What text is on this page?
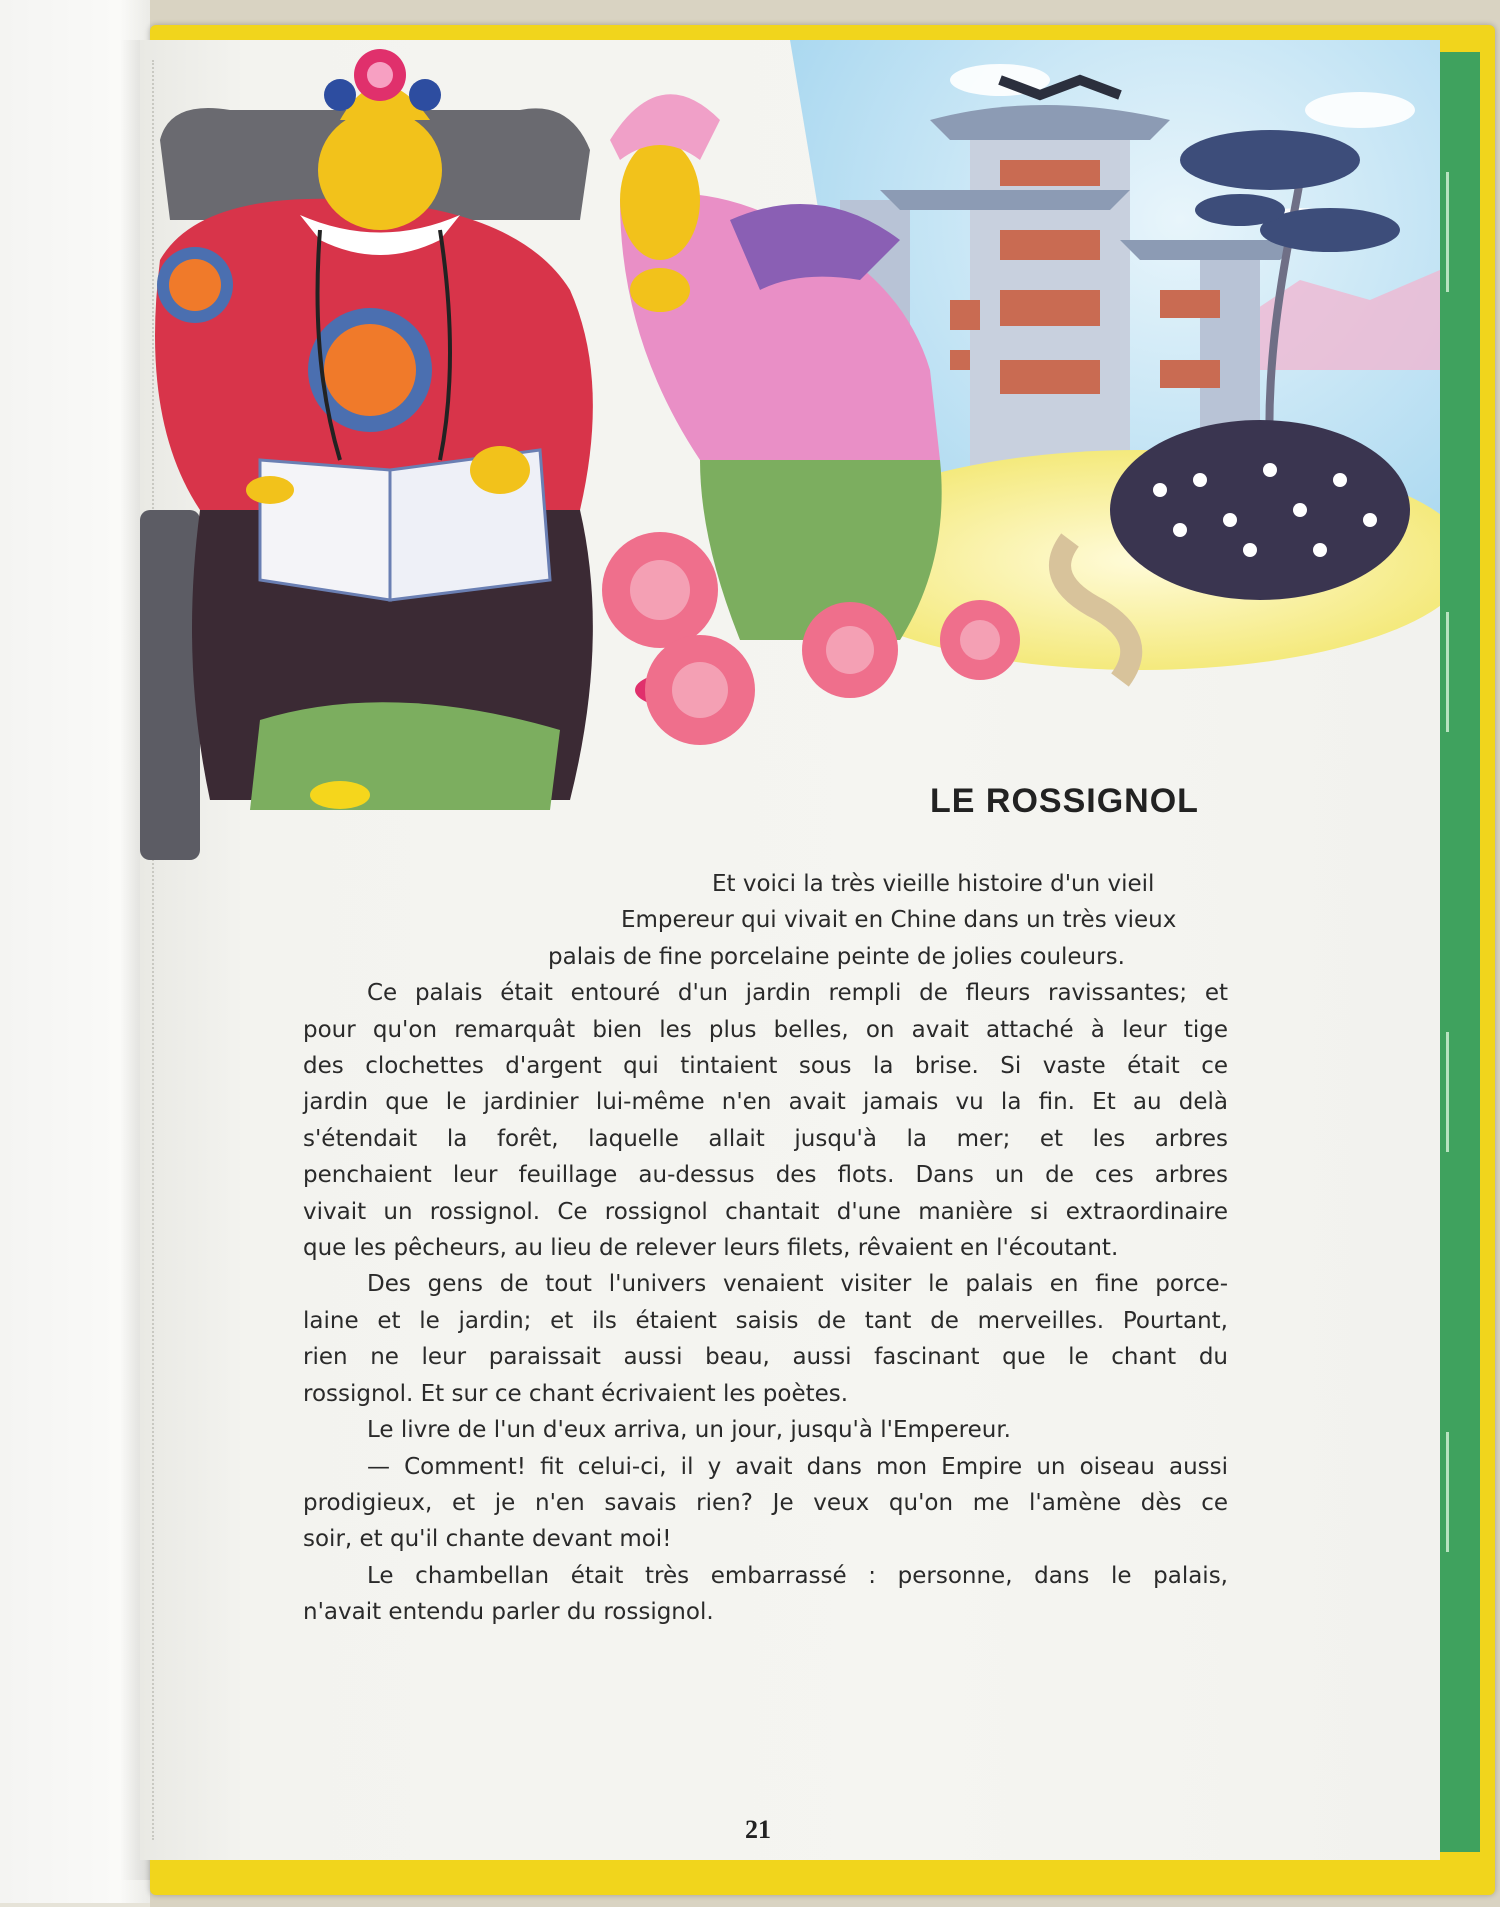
LE ROSSIGNOL
Et voici la très vieille histoire d'un vieil
Empereur qui vivait en Chine dans un très vieux
palais de fine porcelaine peinte de jolies couleurs.
Ce palais était entouré d'un jardin rempli de fleurs ravissantes; et
pour qu'on remarquât bien les plus belles, on avait attaché à leur tige
des clochettes d'argent qui tintaient sous la brise. Si vaste était ce
jardin que le jardinier lui-même n'en avait jamais vu la fin. Et au delà
s'étendait la forêt, laquelle allait jusqu'à la mer; et les arbres
penchaient leur feuillage au-dessus des flots. Dans un de ces arbres
vivait un rossignol. Ce rossignol chantait d'une manière si extraordinaire
que les pêcheurs, au lieu de relever leurs filets, rêvaient en l'écoutant.
Des gens de tout l'univers venaient visiter le palais en fine porce-
laine et le jardin; et ils étaient saisis de tant de merveilles. Pourtant,
rien ne leur paraissait aussi beau, aussi fascinant que le chant du
rossignol. Et sur ce chant écrivaient les poètes.
Le livre de l'un d'eux arriva, un jour, jusqu'à l'Empereur.
— Comment! fit celui-ci, il y avait dans mon Empire un oiseau aussi
prodigieux, et je n'en savais rien? Je veux qu'on me l'amène dès ce
soir, et qu'il chante devant moi!
Le chambellan était très embarrassé : personne, dans le palais,
n'avait entendu parler du rossignol.
21
